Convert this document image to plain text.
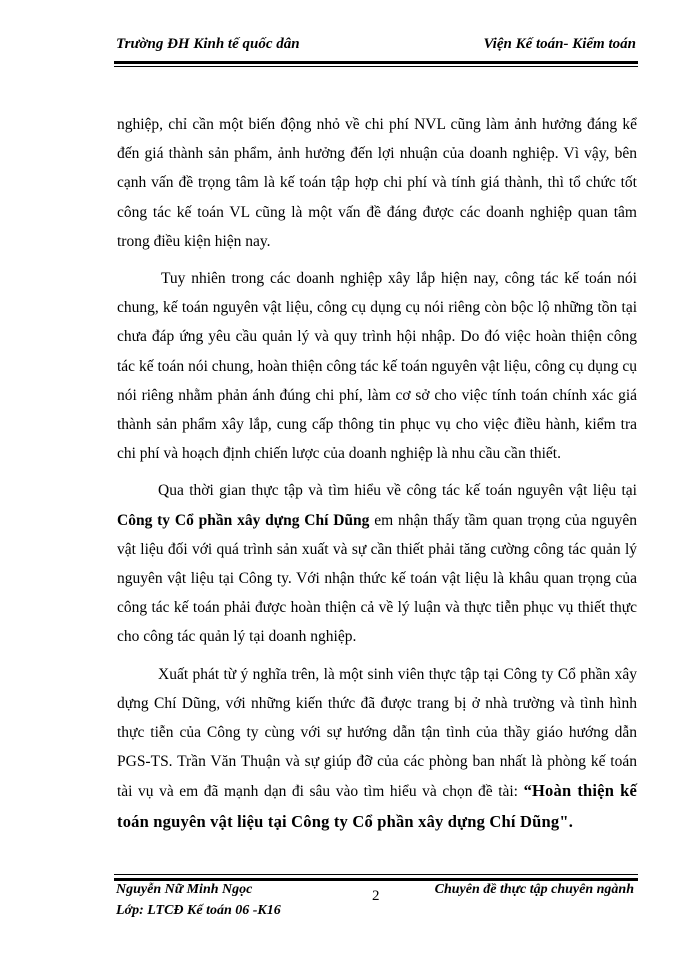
Trường ĐH Kinh tế quốc dân	Viện Kế toán- Kiểm toán

nghiệp, chỉ cần một biến động nhỏ về chi phí NVL cũng làm ảnh hưởng đáng kể đến giá thành sản phẩm, ảnh hưởng đến lợi nhuận của doanh nghiệp. Vì vậy, bên cạnh vấn đề trọng tâm là kế toán tập hợp chi phí và tính giá thành, thì tổ chức tốt công tác kế toán VL cũng là một vấn đề đáng được các doanh nghiệp quan tâm trong điều kiện hiện nay.

Tuy nhiên trong các doanh nghiệp xây lắp hiện nay, công tác kế toán nói chung, kế toán nguyên vật liệu, công cụ dụng cụ nói riêng còn bộc lộ những tồn tại chưa đáp ứng yêu cầu quản lý và quy trình hội nhập. Do đó việc hoàn thiện công tác kế toán nói chung, hoàn thiện công tác kế toán nguyên vật liệu, công cụ dụng cụ nói riêng nhằm phản ánh đúng chi phí, làm cơ sở cho việc tính toán chính xác giá thành sản phẩm xây lắp, cung cấp thông tin phục vụ cho việc điều hành, kiểm tra chi phí và hoạch định chiến lược của doanh nghiệp là nhu cầu cần thiết.

Qua thời gian thực tập và tìm hiểu về công tác kế toán nguyên vật liệu tại Công ty Cổ phần xây dựng Chí Dũng em nhận thấy tầm quan trọng của nguyên vật liệu đối với quá trình sản xuất và sự cần thiết phải tăng cường công tác quản lý nguyên vật liệu tại Công ty. Với nhận thức kế toán vật liệu là khâu quan trọng của công tác kế toán phải được hoàn thiện cả về lý luận và thực tiễn phục vụ thiết thực cho công tác quản lý tại doanh nghiệp.

Xuất phát từ ý nghĩa trên, là một sinh viên thực tập tại Công ty Cổ phần xây dựng Chí Dũng, với những kiến thức đã được trang bị ở nhà trường và tình hình thực tiễn của Công ty cùng với sự hướng dẫn tận tình của thầy giáo hướng dẫn PGS-TS. Trần Văn Thuận và sự giúp đỡ của các phòng ban nhất là phòng kế toán tài vụ và em đã mạnh dạn đi sâu vào tìm hiểu và chọn đề tài: “Hoàn thiện kế toán nguyên vật liệu tại Công ty Cổ phần xây dựng Chí Dũng".

Nguyễn Nữ Minh Ngọc
Lớp: LTCĐ Kế toán 06 -K16
2	Chuyên đề thực tập chuyên ngành
